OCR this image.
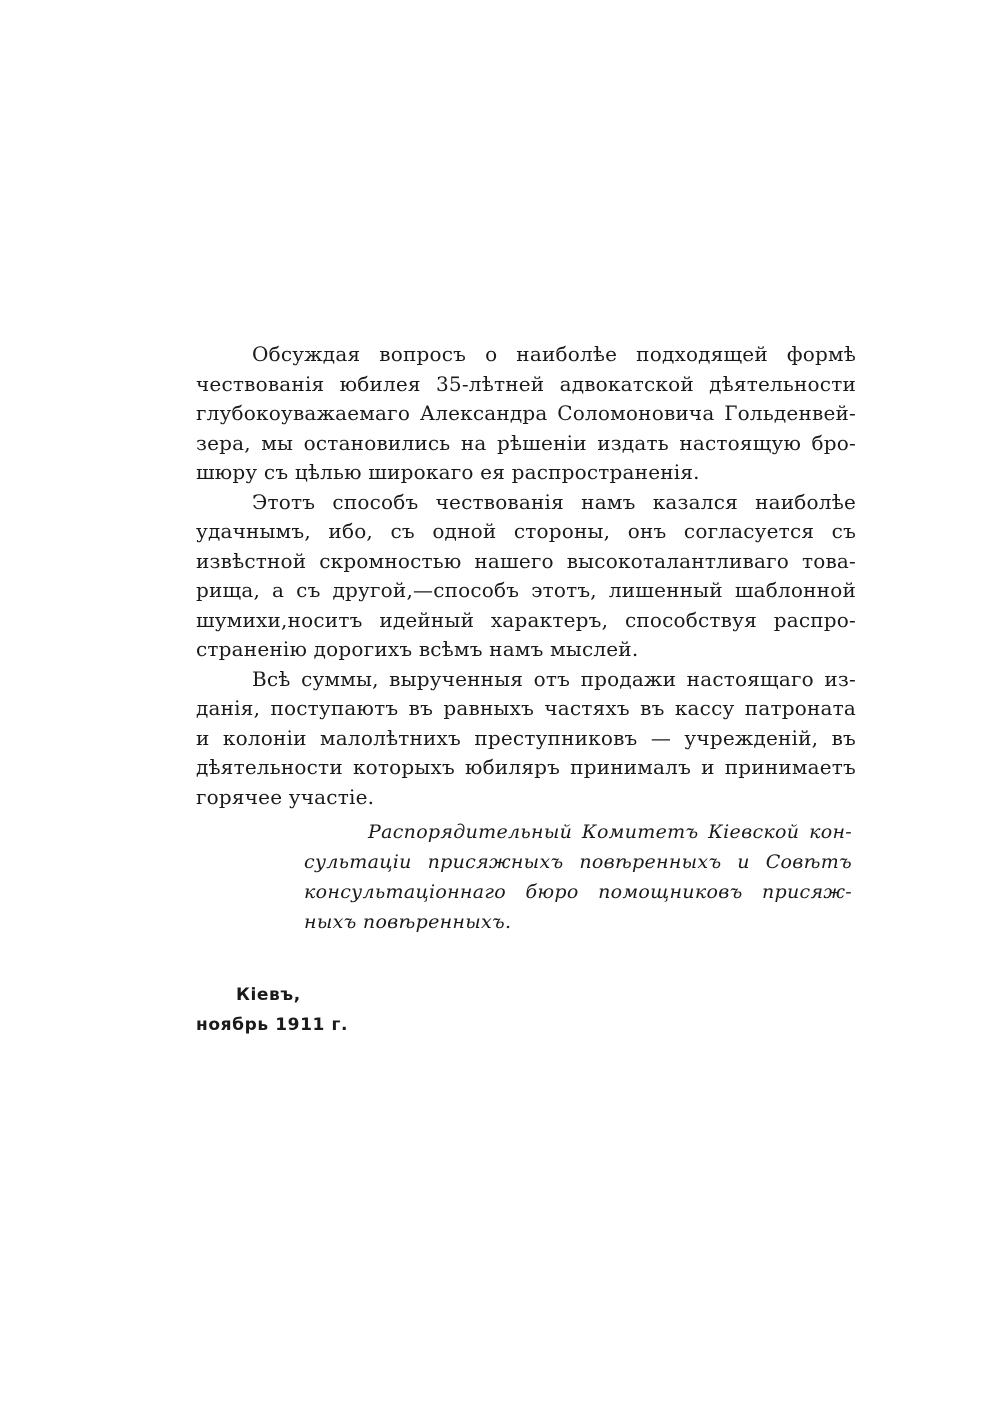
Обсуждая вопросъ о наиболѣе подходящей формѣ
чествованія юбилея 35-лѣтней адвокатской дѣятельности
глубокоуважаемаго Александра Соломоновича Гольденвей-
зера, мы остановились на рѣшеніи издать настоящую бро-
шюру съ цѣлью широкаго ея распространенія.
Этотъ способъ чествованія намъ казался наиболѣе
удачнымъ, ибо, съ одной стороны, онъ согласуется съ
извѣстной скромностью нашего высокоталантливаго това-
рища, а съ другой,—способъ этотъ, лишенный шаблонной
шумихи,носитъ идейный характеръ, способствуя распро-
страненію дорогихъ всѣмъ намъ мыслей.
Всѣ суммы, вырученныя отъ продажи настоящаго из-
данія, поступаютъ въ равныхъ частяхъ въ кассу патроната
и колоніи малолѣтнихъ преступниковъ — учрежденій, въ
дѣятельности которыхъ юбиляръ принималъ и принимаетъ
горячее участіе.
Распорядительный Комитетъ Кіевской кон-
сультаціи присяжныхъ повѣренныхъ и Совѣтъ
консультаціоннаго бюро помощниковъ присяж-
ныхъ повѣренныхъ.
Кіевъ,
ноябрь 1911 г.
